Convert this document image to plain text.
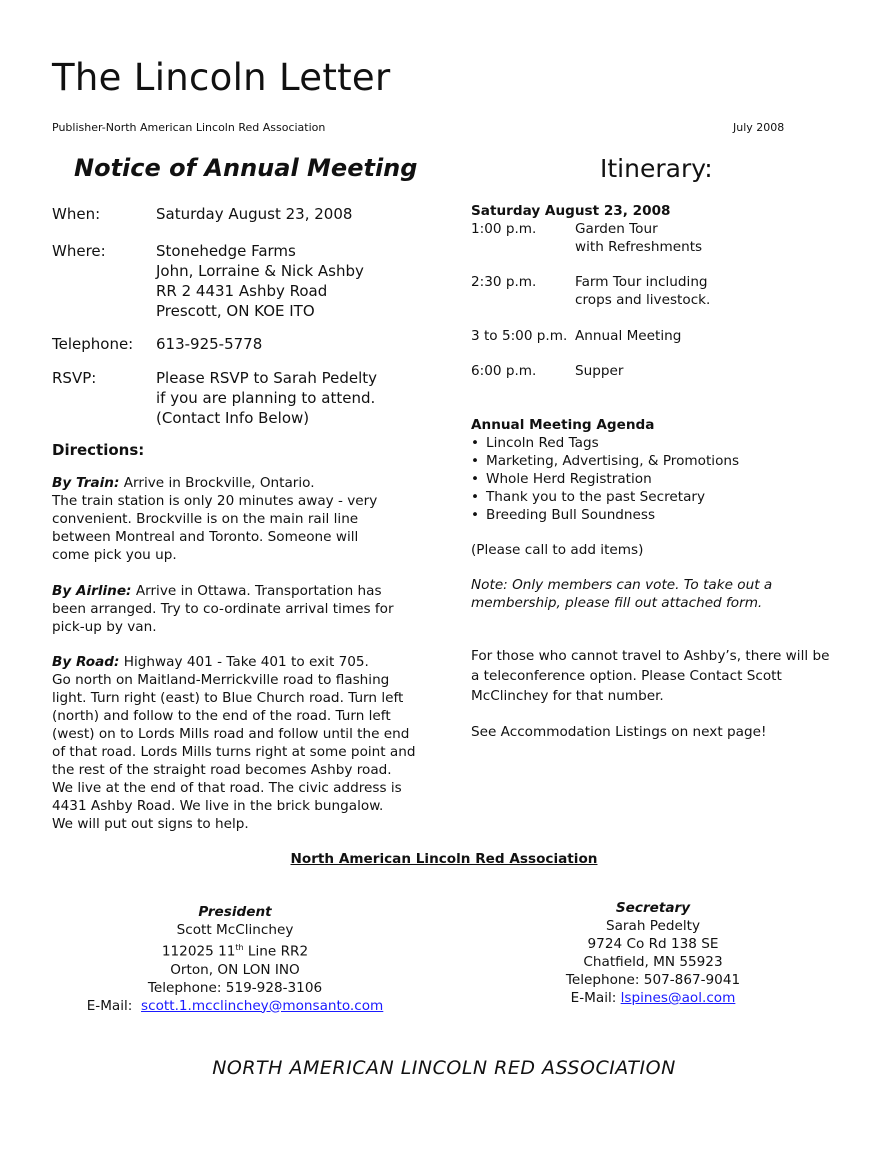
The Lincoln Letter
Publisher-North American Lincoln Red Association	July 2008
Notice of Annual Meeting
When:	Saturday August 23, 2008
Where:	Stonehedge Farms
John, Lorraine & Nick Ashby
RR 2 4431 Ashby Road
Prescott, ON KOE ITO
Telephone: 613-925-5778
RSVP:	Please RSVP to Sarah Pedelty
if you are planning to attend.
(Contact Info Below)
Directions:
By Train: Arrive in Brockville, Ontario.
The train station is only 20 minutes away - very
convenient. Brockville is on the main rail line
between Montreal and Toronto. Someone will
come pick you up.
By Airline: Arrive in Ottawa. Transportation has
been arranged. Try to co-ordinate arrival times for
pick-up by van.
By Road: Highway 401 - Take 401 to exit 705.
Go north on Maitland-Merrickville road to flashing
light. Turn right (east) to Blue Church road. Turn left
(north) and follow to the end of the road. Turn left
(west) on to Lords Mills road and follow until the end
of that road. Lords Mills turns right at some point and
the rest of the straight road becomes Ashby road.
We live at the end of that road. The civic address is
4431 Ashby Road. We live in the brick bungalow.
We will put out signs to help.
Itinerary:
Saturday August 23, 2008
1:00 p.m.	Garden Tour
with Refreshments
2:30 p.m.	Farm Tour including
crops and livestock.
3 to 5:00 p.m. Annual Meeting
6:00 p.m.	Supper
Annual Meeting Agenda
• Lincoln Red Tags
• Marketing, Advertising, & Promotions
• Whole Herd Registration
• Thank you to the past Secretary
• Breeding Bull Soundness
(Please call to add items)
Note: Only members can vote. To take out a membership, please fill out attached form.
For those who cannot travel to Ashby’s, there will be a teleconference option. Please Contact Scott McClinchey for that number.
See Accommodation Listings on next page!
North American Lincoln Red Association
President
Scott McClinchey
112025 11th Line RR2
Orton, ON LON INO
Telephone: 519-928-3106
E-Mail:  scott.1.mcclinchey@monsanto.com
Secretary
Sarah Pedelty
9724 Co Rd 138 SE
Chatfield, MN 55923
Telephone: 507-867-9041
E-Mail: lspines@aol.com
NORTH AMERICAN LINCOLN RED ASSOCIATION
